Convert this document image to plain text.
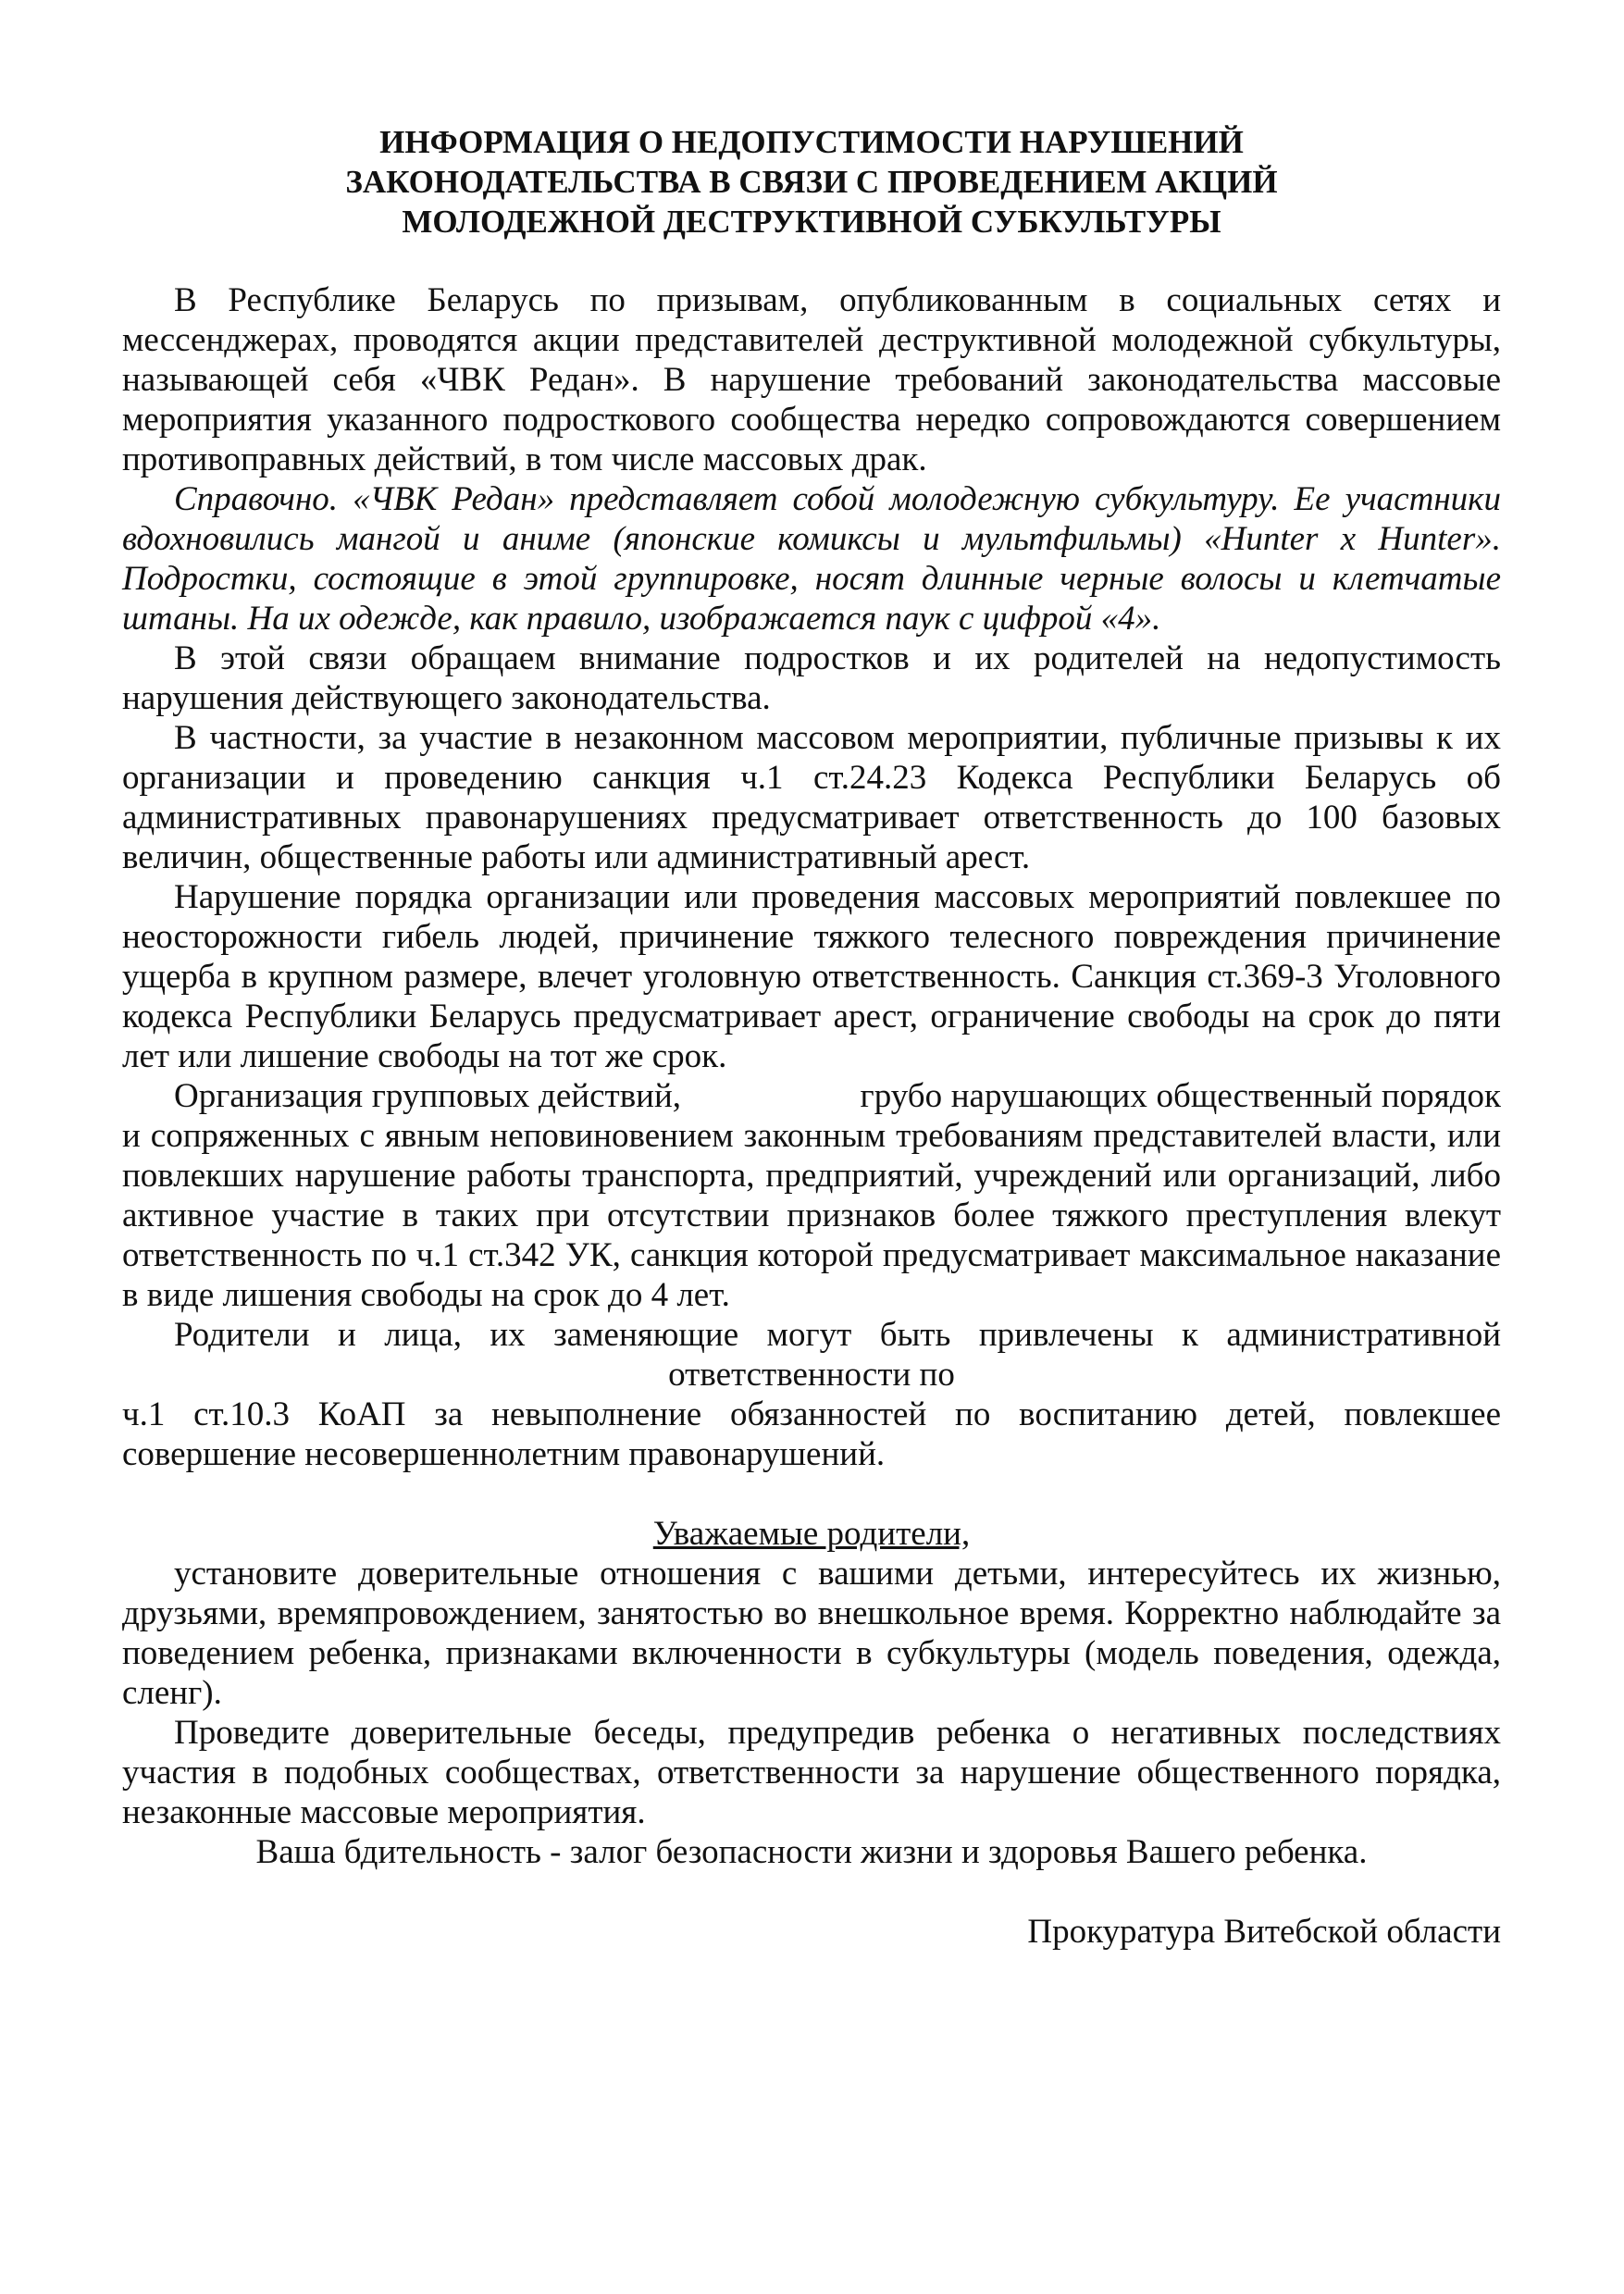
ИНФОРМАЦИЯ О НЕДОПУСТИМОСТИ НАРУШЕНИЙ
ЗАКОНОДАТЕЛЬСТВА В СВЯЗИ С ПРОВЕДЕНИЕМ АКЦИЙ
МОЛОДЕЖНОЙ ДЕСТРУКТИВНОЙ СУБКУЛЬТУРЫ

В Республике Беларусь по призывам, опубликованным в социальных сетях и мессенджерах, проводятся акции представителей деструктивной молодежной субкультуры, называющей себя «ЧВК Редан». В нарушение требований законодательства массовые мероприятия указанного подросткового сообщества нередко сопровождаются совершением противоправных действий, в том числе массовых драк.

Справочно. «ЧВК Редан» представляет собой молодежную субкультуру. Ее участники вдохновились мангой и аниме (японские комиксы и мультфильмы) «Hunter x Hunter». Подростки, состоящие в этой группировке, носят длинные черные волосы и клетчатые штаны. На их одежде, как правило, изображается паук с цифрой «4».

В этой связи обращаем внимание подростков и их родителей на недопустимость нарушения действующего законодательства.

В частности, за участие в незаконном массовом мероприятии, публичные призывы к их организации и проведению санкция ч.1 ст.24.23 Кодекса Республики Беларусь об административных правонарушениях предусматривает ответственность до 100 базовых величин, общественные работы или административный арест.

Нарушение порядка организации или проведения массовых мероприятий повлекшее по неосторожности гибель людей, причинение тяжкого телесного повреждения причинение ущерба в крупном размере, влечет уголовную ответственность. Санкция ст.369-3 Уголовного кодекса Республики Беларусь предусматривает арест, ограничение свободы на срок до пяти лет или лишение свободы на тот же срок.

Организация групповых действий,                    грубо нарушающих общественный порядок и сопряженных с явным неповиновением законным требованиям представителей власти, или повлекших нарушение работы транспорта, предприятий, учреждений или организаций, либо активное участие в таких при отсутствии признаков более тяжкого преступления влекут ответственность по ч.1 ст.342 УК, санкция которой предусматривает максимальное наказание в виде лишения свободы на срок до 4 лет.

Родители и лица, их заменяющие могут быть привлечены к административной

ответственности по
ч.1 ст.10.3 КоАП за невыполнение обязанностей по воспитанию детей, повлекшее совершение несовершеннолетним правонарушений.

Уважаемые родители,

установите доверительные отношения с вашими детьми, интересуйтесь их жизнью, друзьями, времяпровождением, занятостью во внешкольное время. Корректно наблюдайте за поведением ребенка, признаками включенности в субкультуры (модель поведения, одежда, сленг).

Проведите доверительные беседы, предупредив ребенка о негативных последствиях участия в подобных сообществах, ответственности за нарушение общественного порядка, незаконные массовые мероприятия.

Ваша бдительность - залог безопасности жизни и здоровья Вашего ребенка.

Прокуратура Витебской области
